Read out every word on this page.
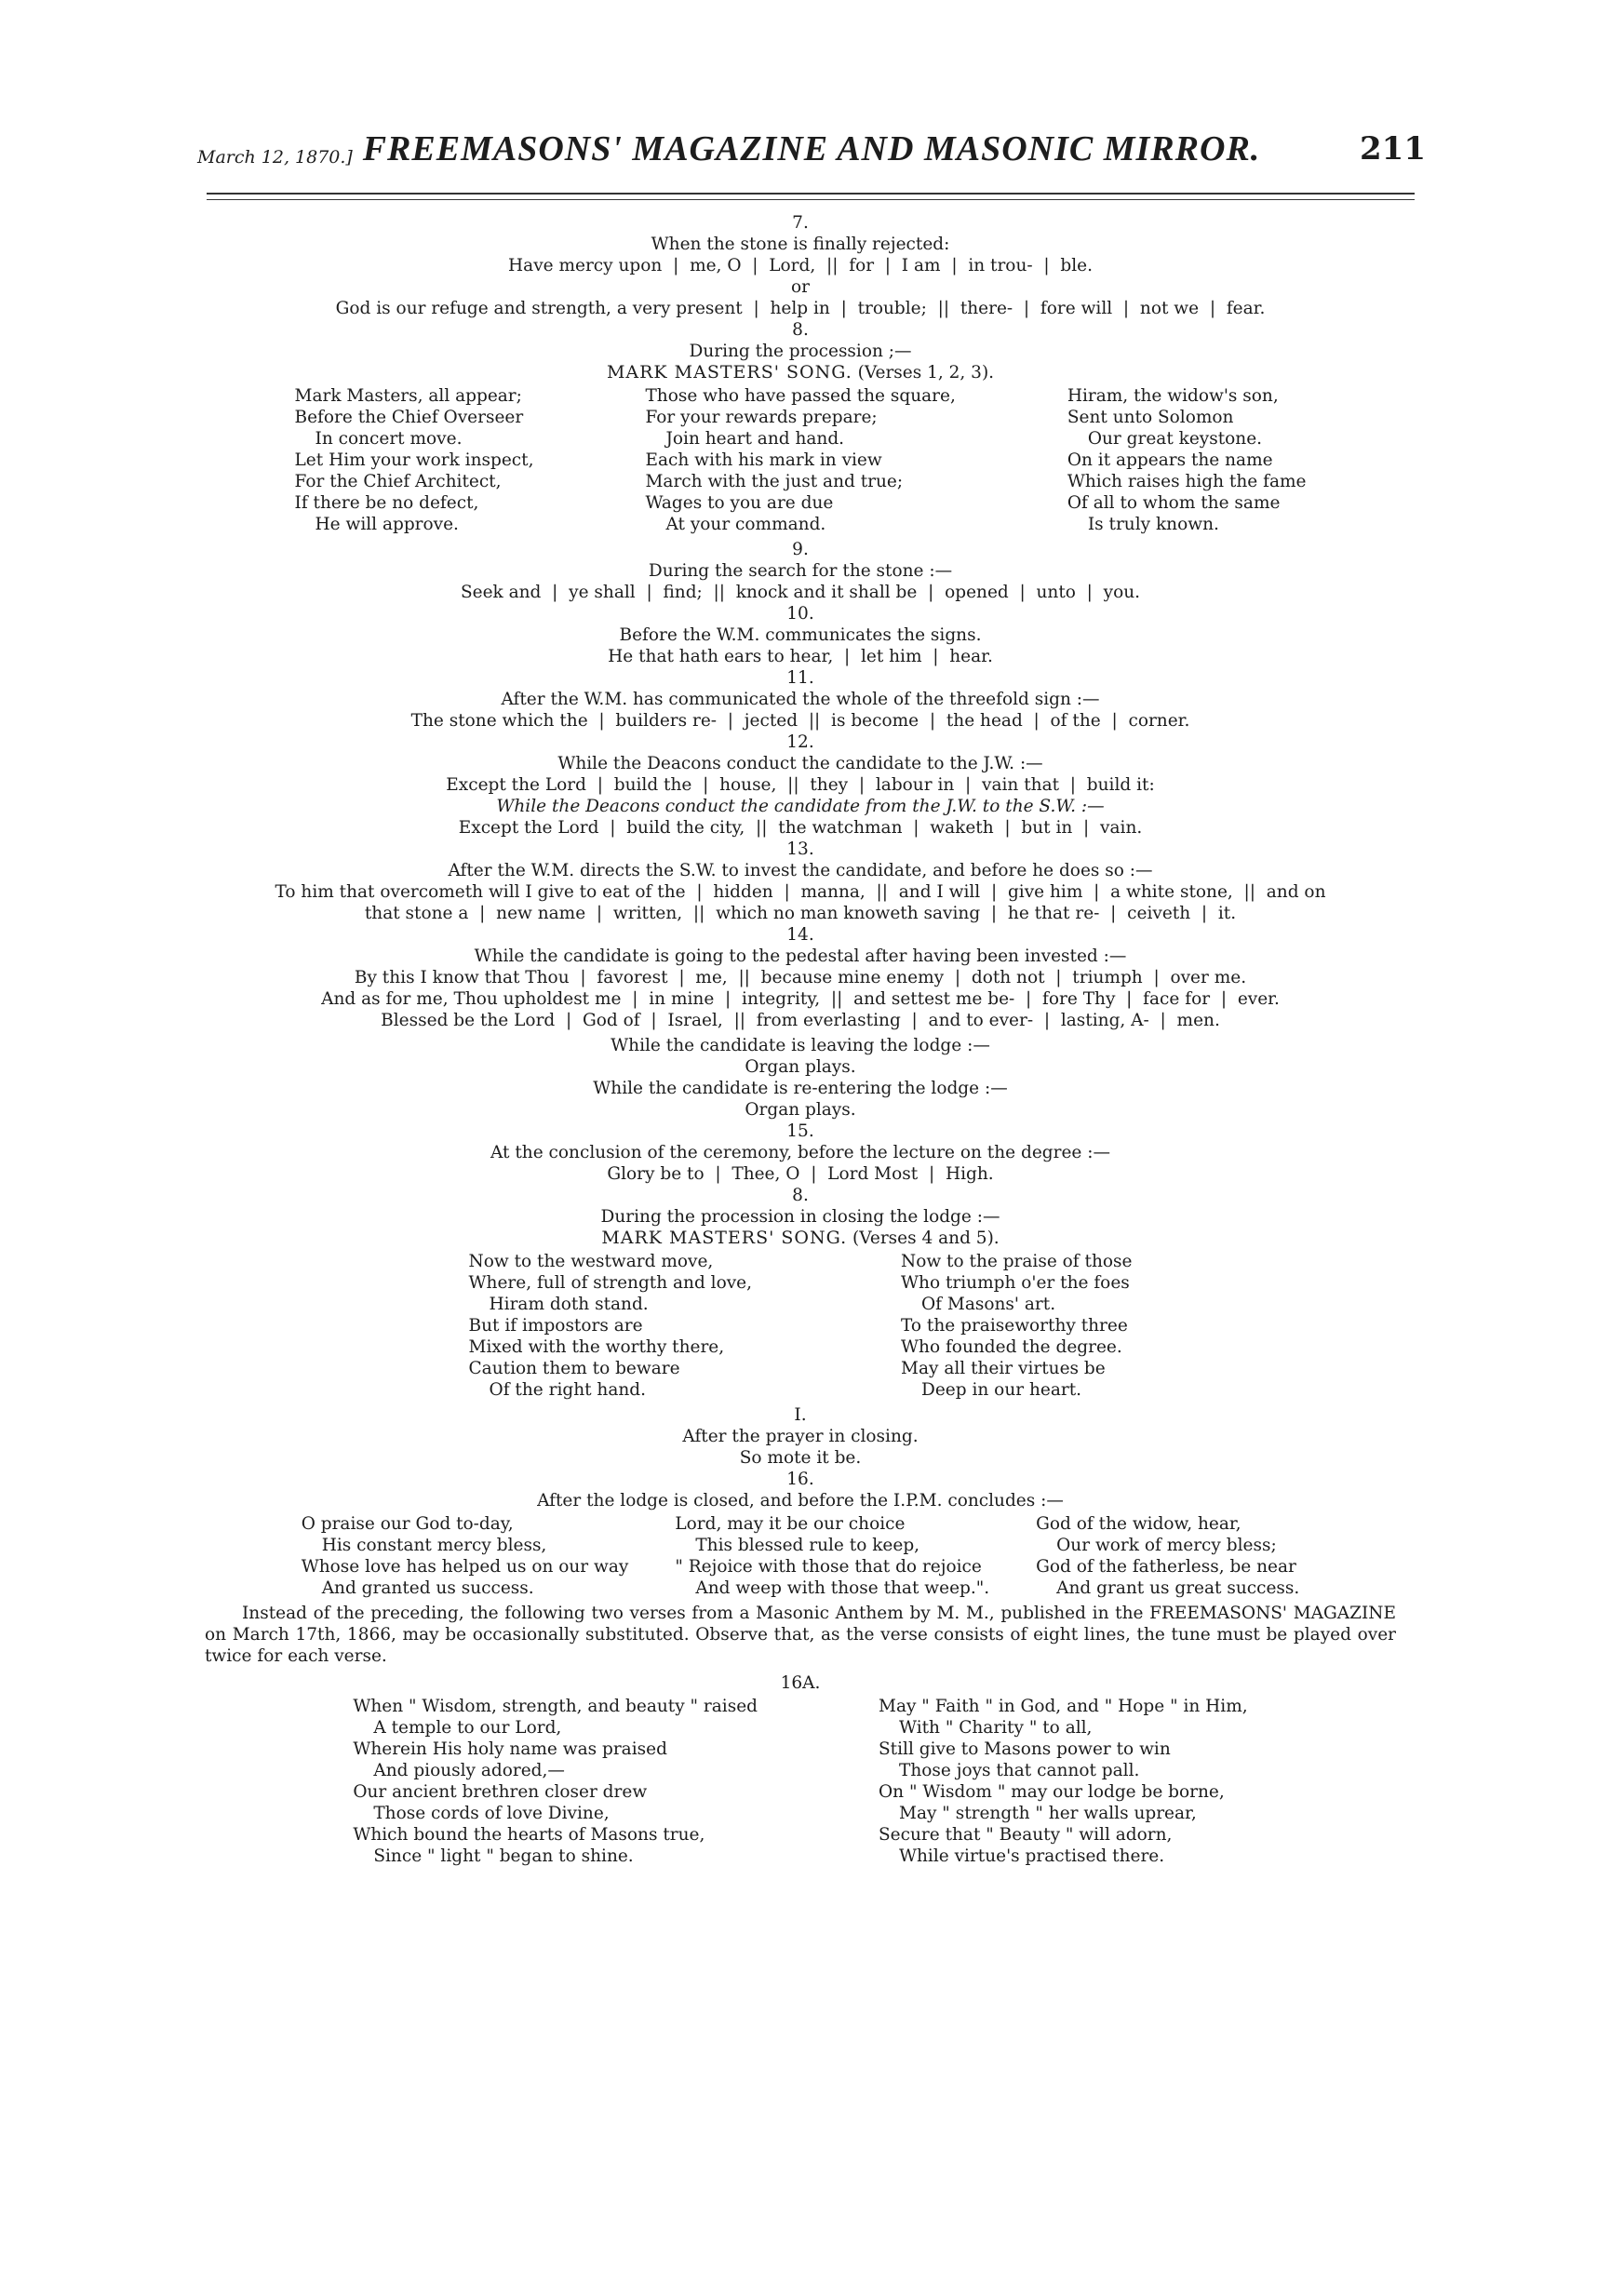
March 12, 1870.] FREEMASONS' MAGAZINE AND MASONIC MIRROR.	211
7.
When the stone is finally rejected:
Have mercy upon  |  me, O  |  Lord,  ||  for  |  I am  |  in trou-  |  ble.
or
God is our refuge and strength, a very present  |  help in  |  trouble;  ||  there-  |  fore will  |  not we  |  fear.
8.
During the procession ;—
MARK MASTERS' SONG. (Verses 1, 2, 3).
Mark Masters, all appear;
Before the Chief Overseer
In concert move.
Let Him your work inspect,
For the Chief Architect,
If there be no defect,
He will approve.
Those who have passed the square,
For your rewards prepare;
Join heart and hand.
Each with his mark in view
March with the just and true;
Wages to you are due
At your command.
Hiram, the widow's son,
Sent unto Solomon
Our great keystone.
On it appears the name
Which raises high the fame
Of all to whom the same
Is truly known.
9.
During the search for the stone :—
Seek and  |  ye shall  |  find;  ||  knock and it shall be  |  opened  |  unto  |  you.
10.
Before the W.M. communicates the signs.
He that hath ears to hear,  |  let him  |  hear.
11.
After the W.M. has communicated the whole of the threefold sign :—
The stone which the  |  builders re-  |  jected  ||  is become  |  the head  |  of the  |  corner.
12.
While the Deacons conduct the candidate to the J.W. :—
Except the Lord  |  build the  |  house,  ||  they  |  labour in  |  vain that  |  build it:
While the Deacons conduct the candidate from the J.W. to the S.W. :—
Except the Lord  |  build the city,  ||  the watchman  |  waketh  |  but in  |  vain.
13.
After the W.M. directs the S.W. to invest the candidate, and before he does so :—
To him that overcometh will I give to eat of the  |  hidden  |  manna,  ||  and I will  |  give him  |  a white stone,  ||  and on
that stone a  |  new name  |  written,  ||  which no man knoweth saving  |  he that re-  |  ceiveth  |  it.
14.
While the candidate is going to the pedestal after having been invested :—
By this I know that Thou  |  favorest  |  me,  ||  because mine enemy  |  doth not  |  triumph  |  over me.
And as for me, Thou upholdest me  |  in mine  |  integrity,  ||  and settest me be-  |  fore Thy  |  face for  |  ever.
Blessed be the Lord  |  God of  |  Israel,  ||  from everlasting  |  and to ever-  |  lasting, A-  |  men.
While the candidate is leaving the lodge :—
Organ plays.
While the candidate is re-entering the lodge :—
Organ plays.
15.
At the conclusion of the ceremony, before the lecture on the degree :—
Glory be to  |  Thee, O  |  Lord Most  |  High.
8.
During the procession in closing the lodge :—
MARK MASTERS' SONG. (Verses 4 and 5).
Now to the westward move,
Where, full of strength and love,
Hiram doth stand.
But if impostors are
Mixed with the worthy there,
Caution them to beware
Of the right hand.
Now to the praise of those
Who triumph o'er the foes
Of Masons' art.
To the praiseworthy three
Who founded the degree.
May all their virtues be
Deep in our heart.
I.
After the prayer in closing.
So mote it be.
16.
After the lodge is closed, and before the I.P.M. concludes :—
O praise our God to-day,
His constant mercy bless,
Whose love has helped us on our way
And granted us success.
Lord, may it be our choice
This blessed rule to keep,
" Rejoice with those that do rejoice
And weep with those that weep.".
God of the widow, hear,
Our work of mercy bless;
God of the fatherless, be near
And grant us great success.
Instead of the preceding, the following two verses from a Masonic Anthem by M. M., published in the FREEMASONS' MAGAZINE on March 17th, 1866, may be occasionally substituted. Observe that, as the verse consists of eight lines, the tune must be played over twice for each verse.
16A.
When " Wisdom, strength, and beauty " raised
A temple to our Lord,
Wherein His holy name was praised
And piously adored,—
Our ancient brethren closer drew
Those cords of love Divine,
Which bound the hearts of Masons true,
Since " light " began to shine.
May " Faith " in God, and " Hope " in Him,
With " Charity " to all,
Still give to Masons power to win
Those joys that cannot pall.
On " Wisdom " may our lodge be borne,
May " strength " her walls uprear,
Secure that " Beauty " will adorn,
While virtue's practised there.
